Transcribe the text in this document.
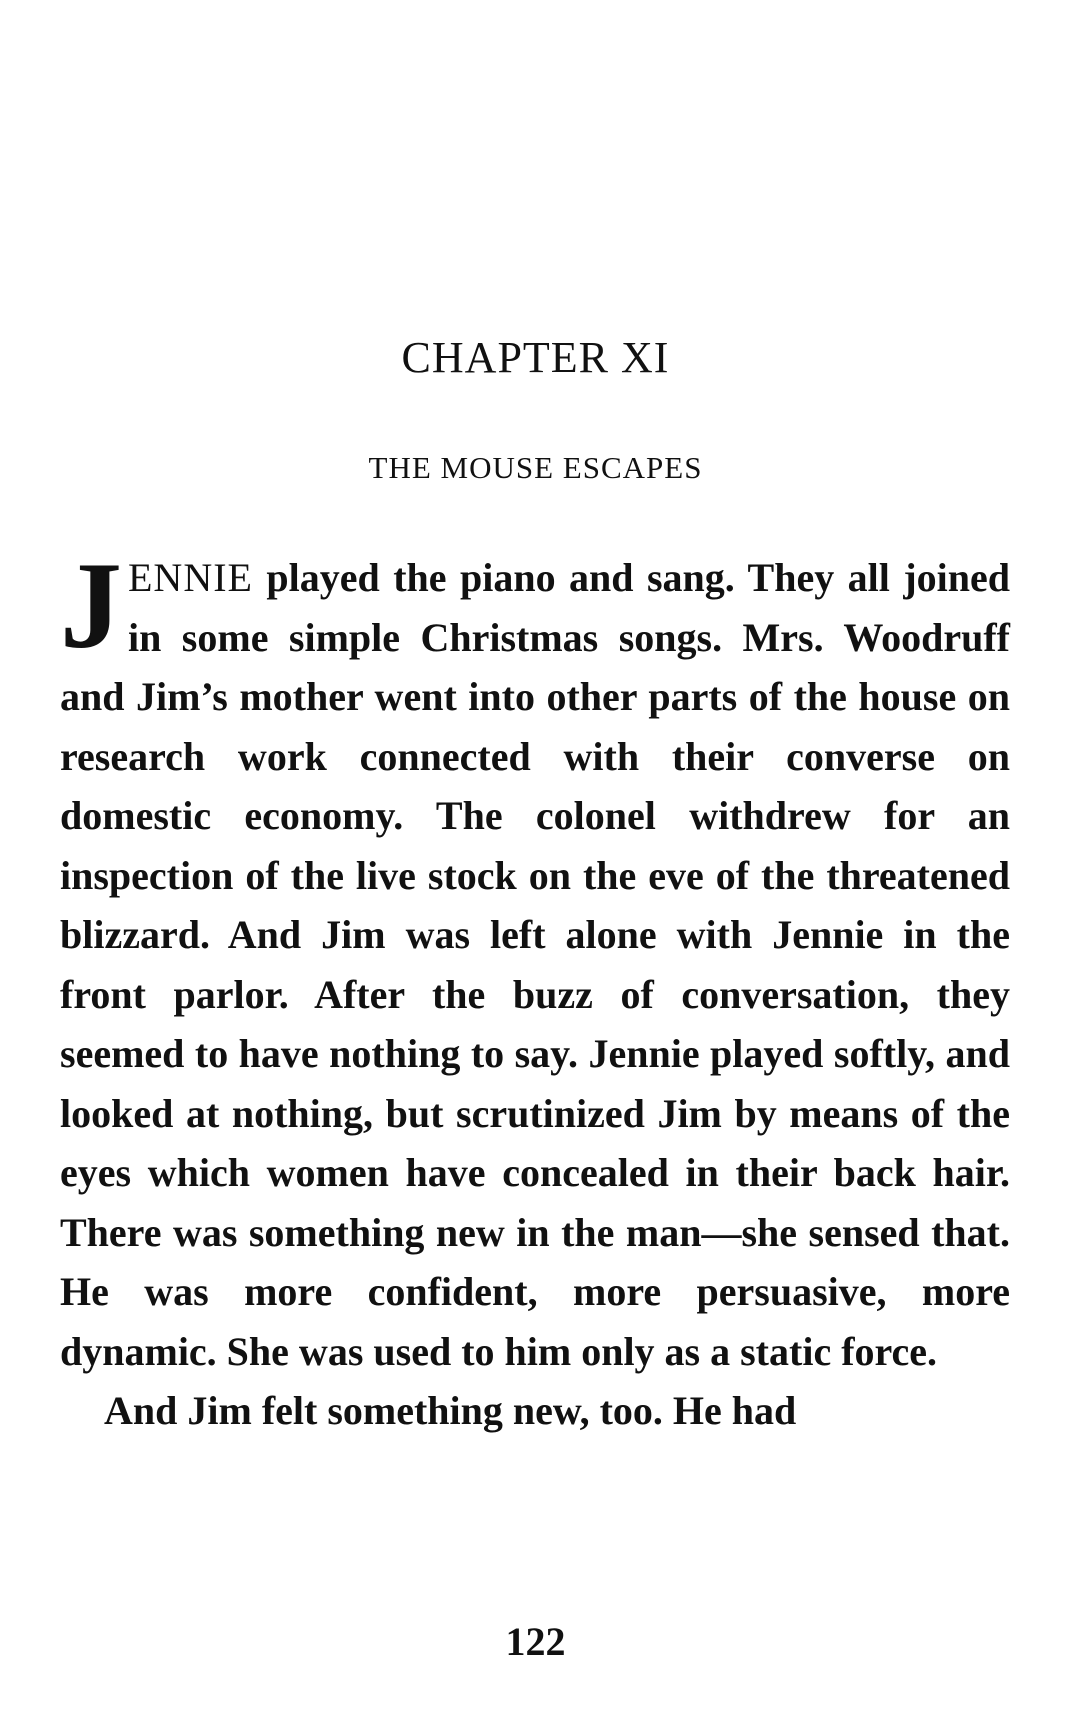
CHAPTER XI
THE MOUSE ESCAPES

JENNIE played the piano and sang. They all joined in some simple Christmas songs. Mrs. Woodruff and Jim’s mother went into other parts of the house on research work connected with their converse on domestic economy. The colonel withdrew for an inspection of the live stock on the eve of the threatened blizzard. And Jim was left alone with Jennie in the front parlor. After the buzz of conversation, they seemed to have nothing to say. Jennie played softly, and looked at nothing, but scrutinized Jim by means of the eyes which women have concealed in their back hair. There was something new in the man—she sensed that. He was more confident, more persuasive, more dynamic. She was used to him only as a static force.

And Jim felt something new, too. He had

122
